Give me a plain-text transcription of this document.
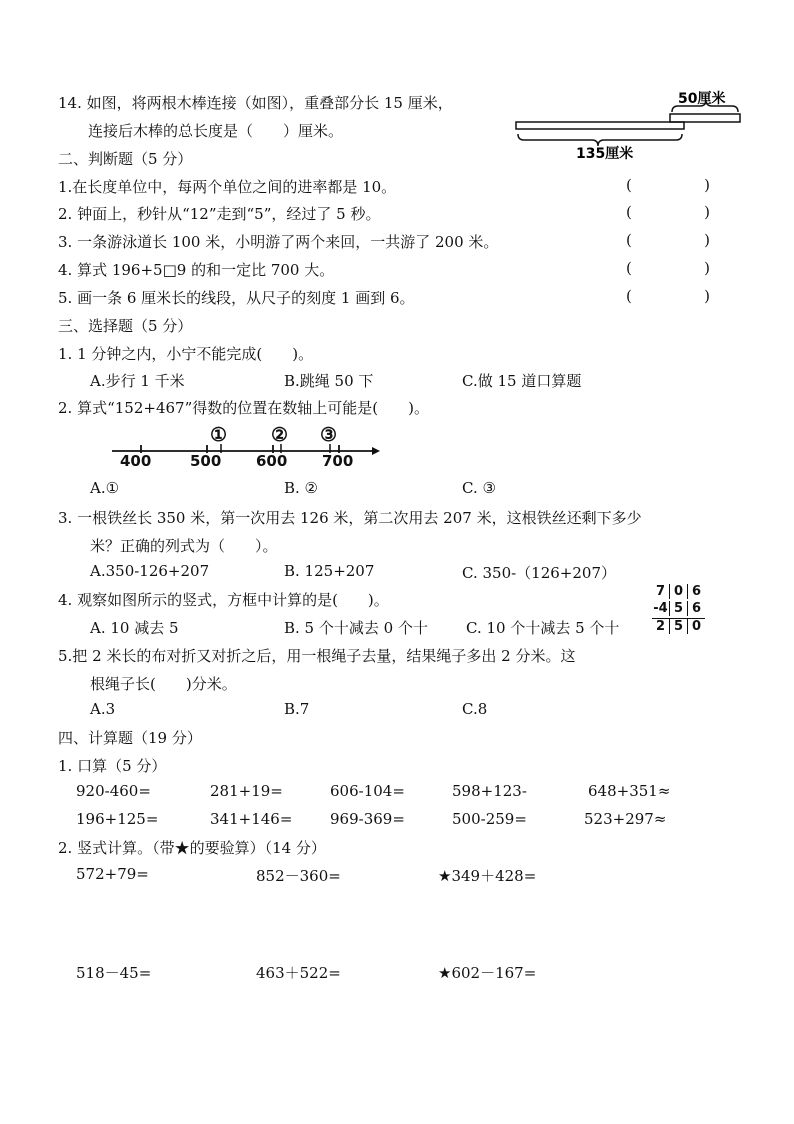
14. 如图，将两根木棒连接（如图），重叠部分长 15 厘米，
连接后木棒的总长度是（　　）厘米。
50厘米
135厘米
二、判断题（5 分）
1.在长度单位中，每两个单位之间的进率都是 10。	(	)
2. 钟面上，秒针从“12”走到“5”，经过了 5 秒。	(	)
3. 一条游泳道长 100 米，小明游了两个来回，一共游了 200 米。	(	)
4. 算式 196+5□9 的和一定比 700 大。	(	)
5. 画一条 6 厘米长的线段，从尺子的刻度 1 画到 6。	(	)
三、选择题（5 分）
1. 1 分钟之内，小宁不能完成(　　)。
A.步行 1 千米	B.跳绳 50 下	C.做 15 道口算题
2. 算式“152+467”得数的位置在数轴上可能是(　　)。
① ② ③
400	500 600 700
A.①	B. ②	C. ③
3. 一根铁丝长 350 米，第一次用去 126 米，第二次用去 207 米，这根铁丝还剩下多少
米？正确的列式为（　　）。
A.350-126+207	B. 125+207	C. 350-（126+207）
4. 观察如图所示的竖式，方框中计算的是(　　)。
A. 10 减去 5	B. 5 个十减去 0 个十	C. 10 个十减去 5 个十
7 0 6
-4 5 6
2 5 0
5.把 2 米长的布对折又对折之后，用一根绳子去量，结果绳子多出 2 分米。这
根绳子长(　　)分米。
A.3	B.7	C.8
四、计算题（19 分）
1. 口算（5 分）
920-460=	281+19=	606-104=	598+123-	648+351≈
196+125=	341+146=	969-369=	500-259=	523+297≈
2. 竖式计算。（带★的要验算）（14 分）
572+79=	852－360=	★349＋428=
518－45=	463＋522=	★602－167=
